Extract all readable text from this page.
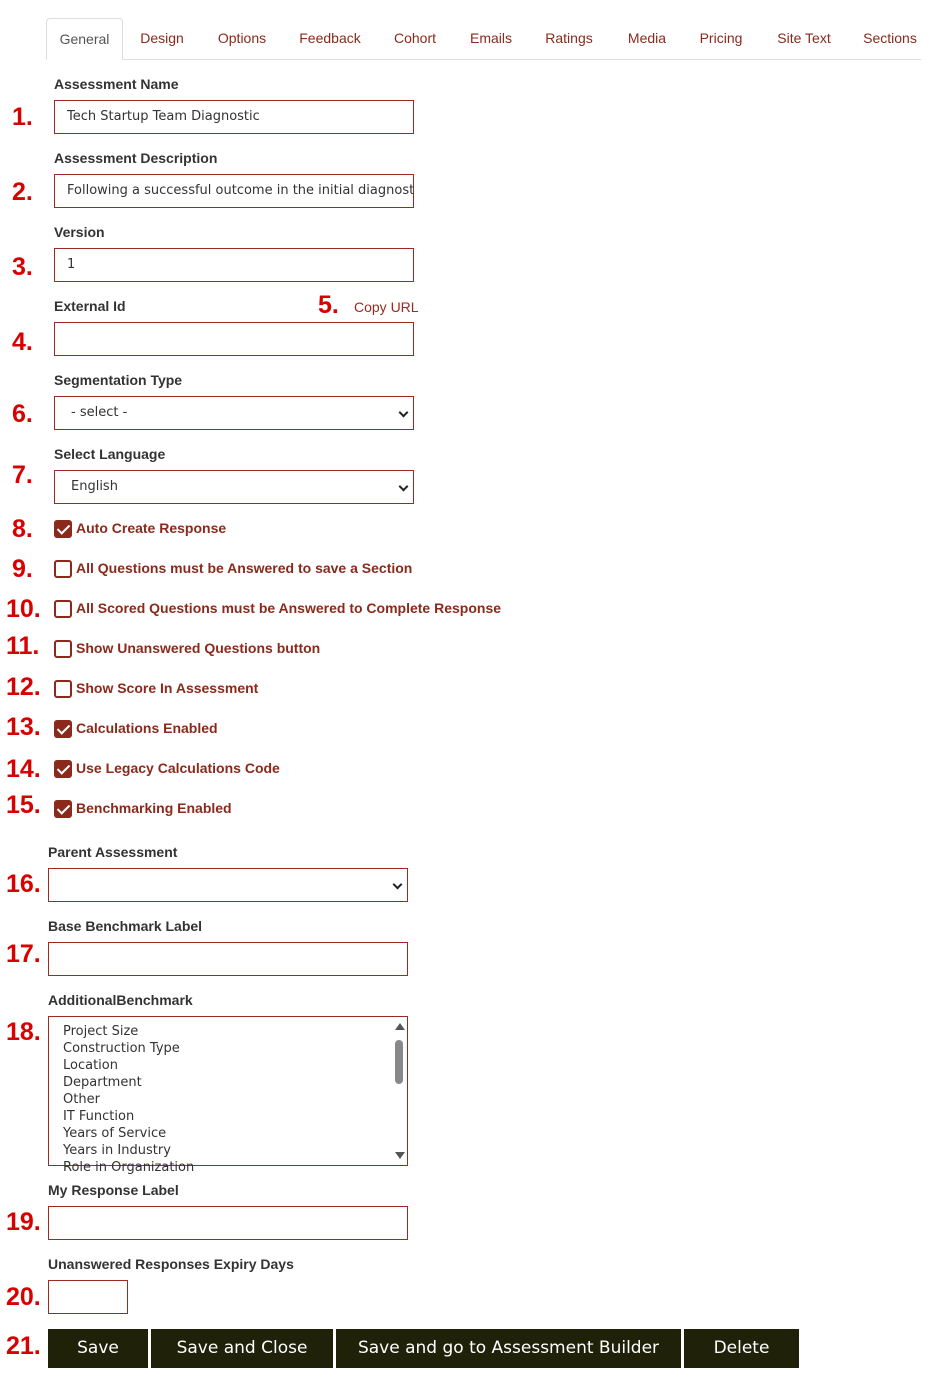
General	Design	Options	Feedback	Cohort	Emails	Ratings	Media	Pricing	Site Text	Sections
Assessment Name
1.	Tech Startup Team Diagnostic
Assessment Description
2.	Following a successful outcome in the initial diagnost
Version
3.	1
External Id	5. Copy URL
4.
Segmentation Type
6.	- select -
Select Language
7.	English
8.	Auto Create Response
9.	All Questions must be Answered to save a Section
10.	All Scored Questions must be Answered to Complete Response
11.	Show Unanswered Questions button
12.	Show Score In Assessment
13.	Calculations Enabled
14.	Use Legacy Calculations Code
15.	Benchmarking Enabled
Parent Assessment
16.
Base Benchmark Label
17.
AdditionalBenchmark
18. Project Size
Construction Type
Location
Department
Other
IT Function
Years of Service
Years in Industry
Role in Organization
My Response Label
19.
Unanswered Responses Expiry Days
20.
21.	Save	Save and Close	Save and go to Assessment Builder	Delete
